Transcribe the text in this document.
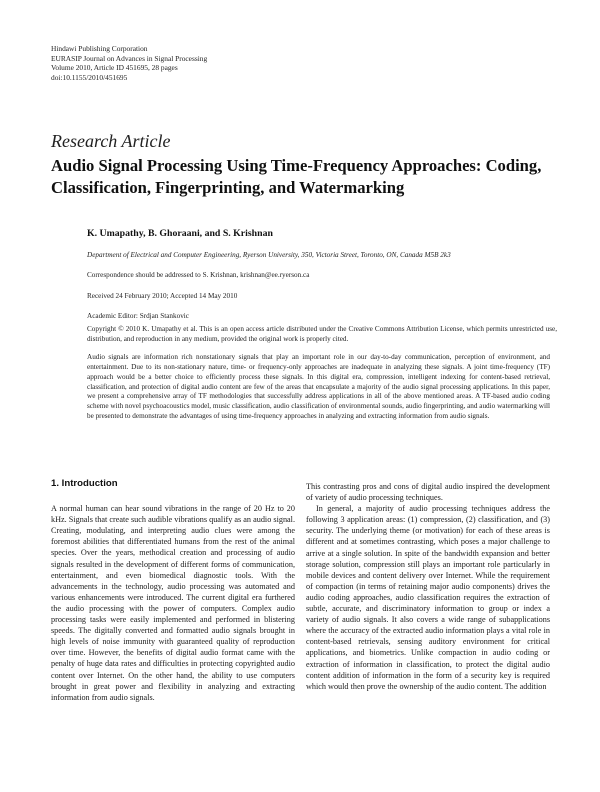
Hindawi Publishing Corporation
EURASIP Journal on Advances in Signal Processing
Volume 2010, Article ID 451695, 28 pages
doi:10.1155/2010/451695
Research Article
Audio Signal Processing Using Time-Frequency Approaches: Coding, Classification, Fingerprinting, and Watermarking
K. Umapathy, B. Ghoraani, and S. Krishnan
Department of Electrical and Computer Engineering, Ryerson University, 350, Victoria Street, Toronto, ON, Canada M5B 2k3
Correspondence should be addressed to S. Krishnan, krishnan@ee.ryerson.ca
Received 24 February 2010; Accepted 14 May 2010
Academic Editor: Srdjan Stankovic
Copyright © 2010 K. Umapathy et al. This is an open access article distributed under the Creative Commons Attribution License, which permits unrestricted use, distribution, and reproduction in any medium, provided the original work is properly cited.
Audio signals are information rich nonstationary signals that play an important role in our day-to-day communication, perception of environment, and entertainment. Due to its non-stationary nature, time- or frequency-only approaches are inadequate in analyzing these signals. A joint time-frequency (TF) approach would be a better choice to efficiently process these signals. In this digital era, compression, intelligent indexing for content-based retrieval, classification, and protection of digital audio content are few of the areas that encapsulate a majority of the audio signal processing applications. In this paper, we present a comprehensive array of TF methodologies that successfully address applications in all of the above mentioned areas. A TF-based audio coding scheme with novel psychoacoustics model, music classification, audio classification of environmental sounds, audio fingerprinting, and audio watermarking will be presented to demonstrate the advantages of using time-frequency approaches in analyzing and extracting information from audio signals.
1. Introduction

A normal human can hear sound vibrations in the range of 20 Hz to 20 kHz. Signals that create such audible vibrations qualify as an audio signal. Creating, modulating, and interpreting audio clues were among the foremost abilities that differentiated humans from the rest of the animal species. Over the years, methodical creation and processing of audio signals resulted in the development of different forms of communication, entertainment, and even biomedical diagnostic tools. With the advancements in the technology, audio processing was automated and various enhancements were introduced. The current digital era furthered the audio processing with the power of computers. Complex audio processing tasks were easily implemented and performed in blistering speeds. The digitally converted and formatted audio signals brought in high levels of noise immunity with guaranteed quality of reproduction over time. However, the benefits of digital audio format came with the penalty of huge data rates and difficulties in protecting copyrighted audio content over Internet. On the other hand, the ability to use computers brought in great power and flexibility in analyzing and extracting information from audio signals.

This contrasting pros and cons of digital audio inspired the development of variety of audio processing techniques.

In general, a majority of audio processing techniques address the following 3 application areas: (1) compression, (2) classification, and (3) security. The underlying theme (or motivation) for each of these areas is different and at sometimes contrasting, which poses a major challenge to arrive at a single solution. In spite of the bandwidth expansion and better storage solution, compression still plays an important role particularly in mobile devices and content delivery over Internet. While the requirement of compaction (in terms of retaining major audio components) drives the audio coding approaches, audio classification requires the extraction of subtle, accurate, and discriminatory information to group or index a variety of audio signals. It also covers a wide range of subapplications where the accuracy of the extracted audio information plays a vital role in content-based retrievals, sensing auditory environment for critical applications, and biometrics. Unlike compaction in audio coding or extraction of information in classification, to protect the digital audio content addition of information in the form of a security key is required which would then prove the ownership of the audio content. The addition
